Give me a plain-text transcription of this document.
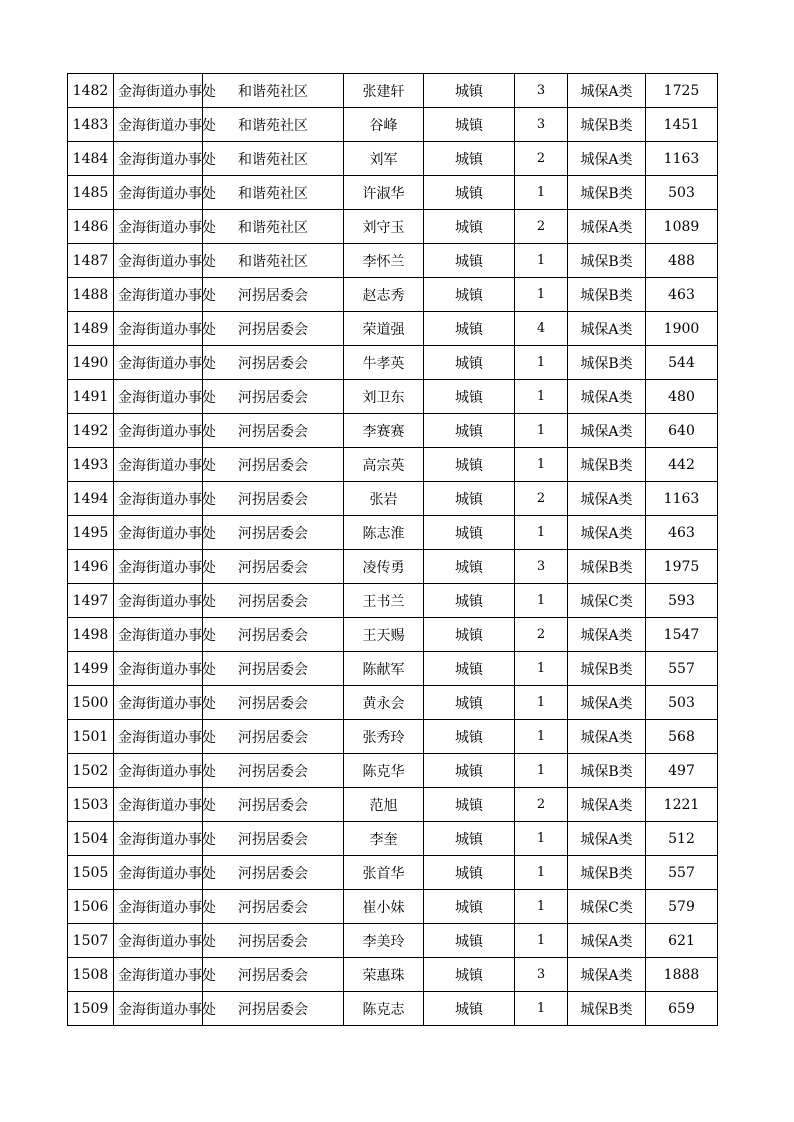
1482	金海街道办事处	和谐苑社区	张建轩	城镇	3	城保A类	1725
1483	金海街道办事处	和谐苑社区	谷峰	城镇	3	城保B类	1451
1484	金海街道办事处	和谐苑社区	刘军	城镇	2	城保A类	1163
1485	金海街道办事处	和谐苑社区	许淑华	城镇	1	城保B类	503
1486	金海街道办事处	和谐苑社区	刘守玉	城镇	2	城保A类	1089
1487	金海街道办事处	和谐苑社区	李怀兰	城镇	1	城保B类	488
1488	金海街道办事处	河拐居委会	赵志秀	城镇	1	城保B类	463
1489	金海街道办事处	河拐居委会	荣道强	城镇	4	城保A类	1900
1490	金海街道办事处	河拐居委会	牛孝英	城镇	1	城保B类	544
1491	金海街道办事处	河拐居委会	刘卫东	城镇	1	城保A类	480
1492	金海街道办事处	河拐居委会	李赛赛	城镇	1	城保A类	640
1493	金海街道办事处	河拐居委会	高宗英	城镇	1	城保B类	442
1494	金海街道办事处	河拐居委会	张岩	城镇	2	城保A类	1163
1495	金海街道办事处	河拐居委会	陈志淮	城镇	1	城保A类	463
1496	金海街道办事处	河拐居委会	凌传勇	城镇	3	城保B类	1975
1497	金海街道办事处	河拐居委会	王书兰	城镇	1	城保C类	593
1498	金海街道办事处	河拐居委会	王天赐	城镇	2	城保A类	1547
1499	金海街道办事处	河拐居委会	陈献军	城镇	1	城保B类	557
1500	金海街道办事处	河拐居委会	黄永会	城镇	1	城保A类	503
1501	金海街道办事处	河拐居委会	张秀玲	城镇	1	城保A类	568
1502	金海街道办事处	河拐居委会	陈克华	城镇	1	城保B类	497
1503	金海街道办事处	河拐居委会	范旭	城镇	2	城保A类	1221
1504	金海街道办事处	河拐居委会	李奎	城镇	1	城保A类	512
1505	金海街道办事处	河拐居委会	张首华	城镇	1	城保B类	557
1506	金海街道办事处	河拐居委会	崔小妹	城镇	1	城保C类	579
1507	金海街道办事处	河拐居委会	李美玲	城镇	1	城保A类	621
1508	金海街道办事处	河拐居委会	荣惠珠	城镇	3	城保A类	1888
1509	金海街道办事处	河拐居委会	陈克志	城镇	1	城保B类	659
